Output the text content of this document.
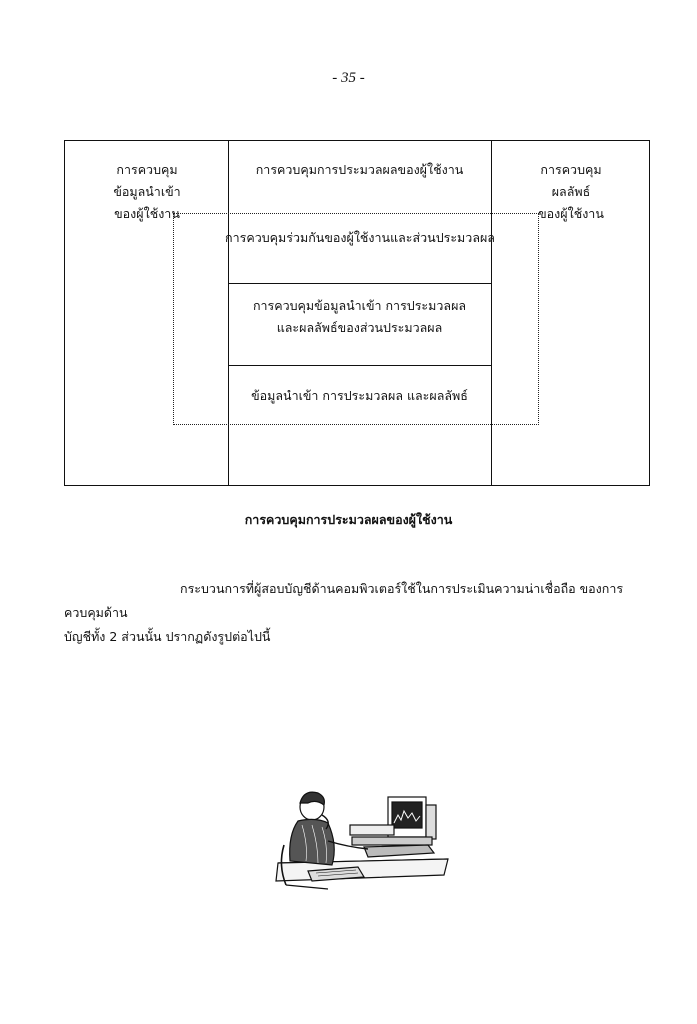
- 35 -
การควบคุม
ข้อมูลนำเข้า
ของผู้ใช้งาน
การควบคุม
ผลลัพธ์
ของผู้ใช้งาน
การควบคุมการประมวลผลของผู้ใช้งาน
การควบคุมร่วมกันของผู้ใช้งานและส่วนประมวลผล
การควบคุมข้อมูลนำเข้า การประมวลผล
และผลลัพธ์ของส่วนประมวลผล
ข้อมูลนำเข้า การประมวลผล และผลลัพธ์
การควบคุมการประมวลผลของผู้ใช้งาน
กระบวนการที่ผู้สอบบัญชีด้านคอมพิวเตอร์ใช้ในการประเมินความน่าเชื่อถือ ของการควบคุมด้าน
บัญชีทั้ง 2 ส่วนนั้น ปรากฏดังรูปต่อไปนี้
